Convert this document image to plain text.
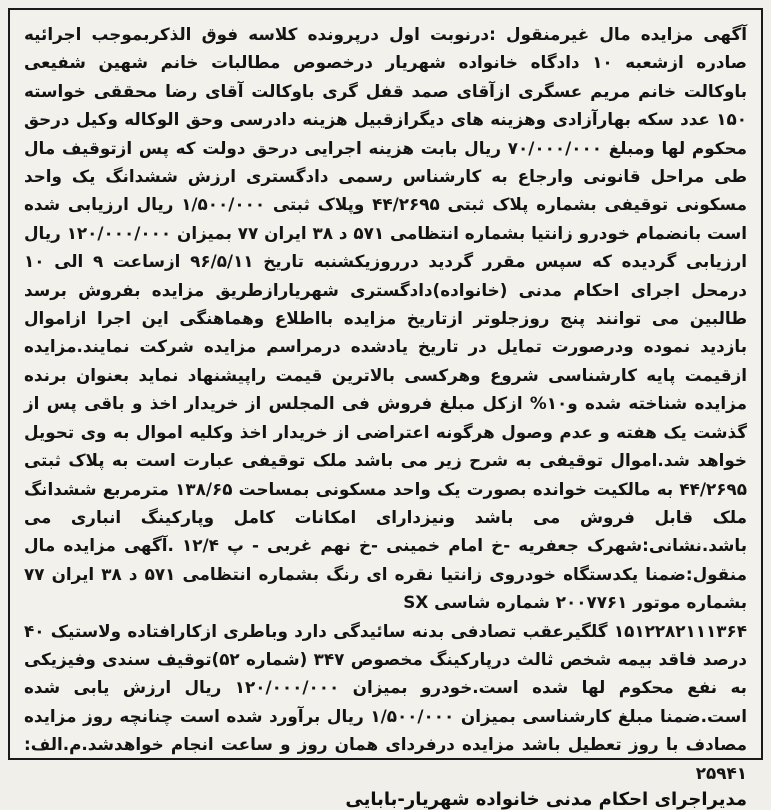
آگهی مزایده مال غیرمنقول :درنوبت اول درپرونده کلاسه فوق الذکربموجب اجرائیه صادره ازشعبه ۱۰ دادگاه خانواده شهریار درخصوص مطالبات خانم شهین شفیعی باوکالت خانم مریم عسگری ازآقای صمد قفل گری باوکالت آقای رضا محققی خواسته ۱۵۰ عدد سکه بهارآزادی وهزینه های دیگرازقبیل هزینه دادرسی وحق الوکاله وکیل درحق محکوم لها ومبلغ ۷۰/۰۰۰/۰۰۰ ریال بابت هزینه اجرایی درحق دولت که پس ازتوقیف مال طی مراحل قانونی وارجاع به کارشناس رسمی دادگستری ارزش ششدانگ یک واحد مسکونی توقیفی بشماره پلاک ثبتی ۴۴/۲۶۹۵ وپلاک ثبتی ۱/۵۰۰/۰۰۰ ریال ارزیابی شده است بانضمام خودرو زانتیا بشماره انتظامی ۵۷۱ د ۳۸ ایران ۷۷ بمیزان ۱۲۰/۰۰۰/۰۰۰ ریال ارزیابی گردیده که سپس مقرر گردید درروزیکشنبه تاریخ ۹۶/۵/۱۱ ازساعت ۹ الی ۱۰ درمحل اجرای احکام مدنی (خانواده)دادگستری شهریارازطریق مزایده بفروش برسد طالبین می توانند پنج روزجلوتر ازتاریخ مزایده بااطلاع وهماهنگی این اجرا ازاموال بازدید نموده ودرصورت تمایل در تاریخ یادشده درمراسم مزایده شرکت نمایند.مزایده ازقیمت پایه کارشناسی شروع وهرکسی بالاترین قیمت راپیشنهاد نماید بعنوان برنده مزایده شناخته شده و۱۰% ازکل مبلغ فروش فی المجلس از خریدار اخذ و باقی پس از گذشت یک هفته و عدم وصول هرگونه اعتراضی از خریدار اخذ وکلیه اموال به وی تحویل خواهد شد.اموال توقیفی به شرح زیر می باشد ملک توقیفی عبارت است به پلاک ثبتی ۴۴/۲۶۹۵ به مالکیت خوانده بصورت یک واحد مسکونی بمساحت ۱۳۸/۶۵ مترمربع ششدانگ ملک قابل فروش می باشد ونیزدارای امکانات کامل وپارکینگ انباری می باشد.نشانی:شهرک جعفریه -خ امام خمینی -خ نهم غربی - پ ۱۲/۴ .آگهی مزایده مال منقول:ضمنا یکدستگاه خودروی زانتیا نقره ای رنگ بشماره انتظامی ۵۷۱ د ۳۸ ایران ۷۷ بشماره موتور ۲۰۰۷۷۶۱ شماره شاسی SX

۱۵۱۲۲۸۲۱۱۱۳۶۴ گلگیرعقب تصادفی بدنه سائیدگی دارد وباطری ازکارافتاده ولاستیک ۴۰ درصد فاقد بیمه شخص ثالث درپارکینگ مخصوص ۳۴۷ (شماره ۵۲)توقیف سندی وفیزیکی به نفع محکوم لها شده است.خودرو بمیزان ۱۲۰/۰۰۰/۰۰۰ ریال ارزش یابی شده است.ضمنا مبلغ کارشناسی بمیزان ۱/۵۰۰/۰۰۰ ریال برآورد شده است چنانچه روز مزایده مصادف با روز تعطیل باشد مزایده درفردای همان روز و ساعت انجام خواهدشد.م.الف: ۲۵۹۴۱

مدیراجرای احکام مدنی خانواده شهریار-بابایی
